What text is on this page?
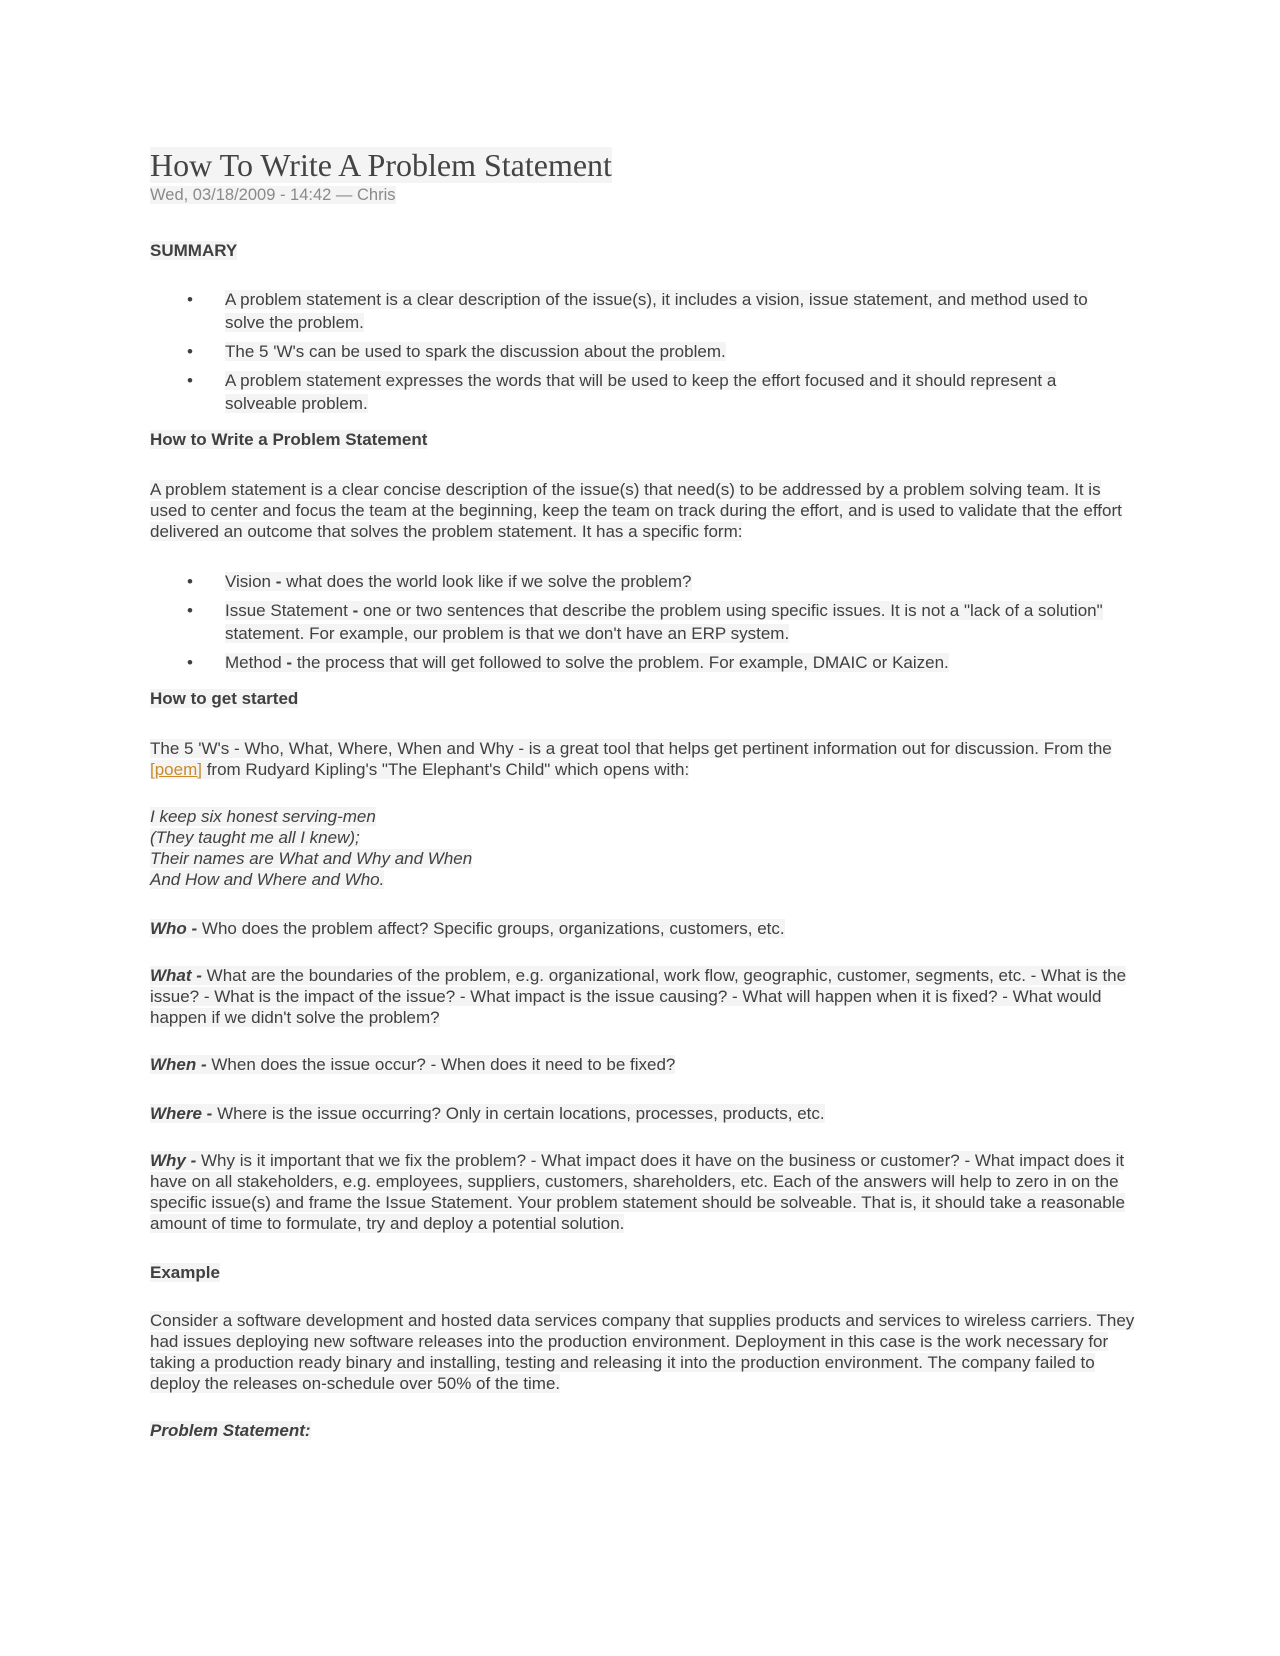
How To Write A Problem Statement

Wed, 03/18/2009 - 14:42 — Chris

SUMMARY

• A problem statement is a clear description of the issue(s), it includes a vision, issue statement, and method used to solve the problem.
• The 5 'W's can be used to spark the discussion about the problem.
• A problem statement expresses the words that will be used to keep the effort focused and it should represent a solveable problem.

How to Write a Problem Statement

A problem statement is a clear concise description of the issue(s) that need(s) to be addressed by a problem solving team. It is used to center and focus the team at the beginning, keep the team on track during the effort, and is used to validate that the effort delivered an outcome that solves the problem statement. It has a specific form:

• Vision - what does the world look like if we solve the problem?
• Issue Statement - one or two sentences that describe the problem using specific issues. It is not a "lack of a solution" statement. For example, our problem is that we don't have an ERP system.
• Method - the process that will get followed to solve the problem. For example, DMAIC or Kaizen.

How to get started

The 5 'W's - Who, What, Where, When and Why - is a great tool that helps get pertinent information out for discussion. From the [poem] from Rudyard Kipling's "The Elephant's Child" which opens with:

I keep six honest serving-men
(They taught me all I knew);
Their names are What and Why and When
And How and Where and Who.

Who - Who does the problem affect? Specific groups, organizations, customers, etc.

What - What are the boundaries of the problem, e.g. organizational, work flow, geographic, customer, segments, etc. - What is the issue? - What is the impact of the issue? - What impact is the issue causing? - What will happen when it is fixed? - What would happen if we didn't solve the problem?

When - When does the issue occur? - When does it need to be fixed?

Where - Where is the issue occurring? Only in certain locations, processes, products, etc.

Why - Why is it important that we fix the problem? - What impact does it have on the business or customer? - What impact does it have on all stakeholders, e.g. employees, suppliers, customers, shareholders, etc. Each of the answers will help to zero in on the specific issue(s) and frame the Issue Statement. Your problem statement should be solveable. That is, it should take a reasonable amount of time to formulate, try and deploy a potential solution.

Example

Consider a software development and hosted data services company that supplies products and services to wireless carriers. They had issues deploying new software releases into the production environment. Deployment in this case is the work necessary for taking a production ready binary and installing, testing and releasing it into the production environment. The company failed to deploy the releases on-schedule over 50% of the time.

Problem Statement:
